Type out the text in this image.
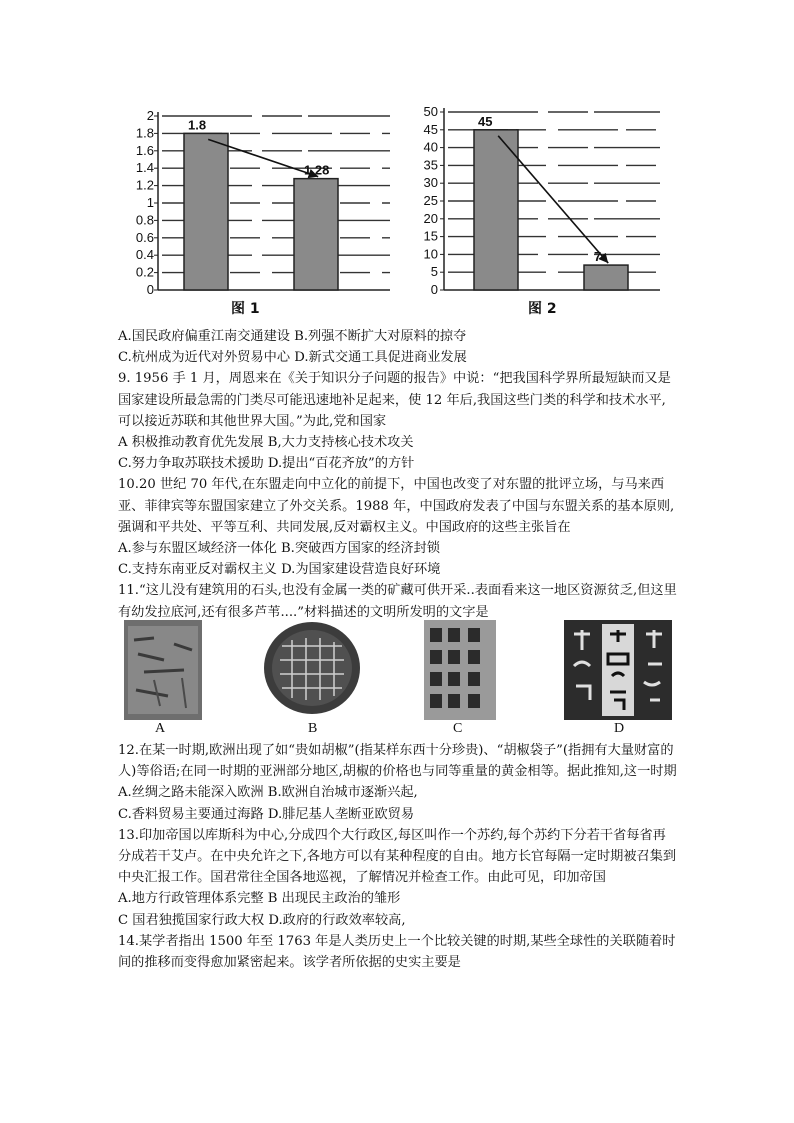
0
0.2
0.4
0.6
0.8
1
1.2
1.4
1.6
1.8
2
1.8
1.28
图 1
0
5
10
15
20
25
30
35
40
45
50
45
7
图 2

A.国民政府偏重江南交通建设 B.列强不断扩大对原料的掠夺

C.杭州成为近代对外贸易中心 D.新式交通工具促进商业发展

9. 1956 手 1 月，周恩来在《关于知识分子问题的报告》中说：“把我国科学界所最短缺而又是国家建设所最急需的门类尽可能迅速地补足起来，使 12 年后,我国这些门类的科学和技术水平,可以接近苏联和其他世界大国。”为此,党和国家

A 积极推动教育优先发展 B,大力支持核心技术攻关

C.努力争取苏联技术援助 D.提出“百花齐放”的方针

10.20 世纪 70 年代,在东盟走向中立化的前提下，中国也改变了对东盟的批评立场，与马来西亚、菲律宾等东盟国家建立了外交关系。1988 年，中国政府发表了中国与东盟关系的基本原则,强调和平共处、平等互利、共同发展,反对霸权主义。中国政府的这些主张旨在

A.参与东盟区域经济一体化 B.突破西方国家的经济封锁

C.支持东南亚反对霸权主义 D.为国家建设营造良好环境

11.“这儿没有建筑用的石头,也没有金属一类的矿藏可供开采..表面看来这一地区资源贫乏,但这里有幼发拉底河,还有很多芦苇....”材料描述的文明所发明的文字是

A	B	C	D

12.在某一时期,欧洲出现了如“贵如胡椒”(指某样东西十分珍贵)、“胡椒袋子”(指拥有大量财富的人)等俗语;在同一时期的亚洲部分地区,胡椒的价格也与同等重量的黄金相等。据此推知,这一时期

A.丝绸之路未能深入欧洲 B.欧洲自治城市逐渐兴起,

C.香料贸易主要通过海路 D.腓尼基人垄断亚欧贸易

13.印加帝国以库斯科为中心,分成四个大行政区,每区叫作一个苏约,每个苏约下分若干省每省再分成若干艾卢。在中央允许之下,各地方可以有某种程度的自由。地方长官每隔一定时期被召集到中央汇报工作。国君常往全国各地巡视，了解情况并检查工作。由此可见，印加帝国

A.地方行政管理体系完整 B 出现民主政治的雏形

C 国君独揽国家行政大权 D.政府的行政效率较高,

14.某学者指出 1500 年至 1763 年是人类历史上一个比较关键的时期,某些全球性的关联随着时间的推移而变得愈加紧密起来。该学者所依据的史实主要是
